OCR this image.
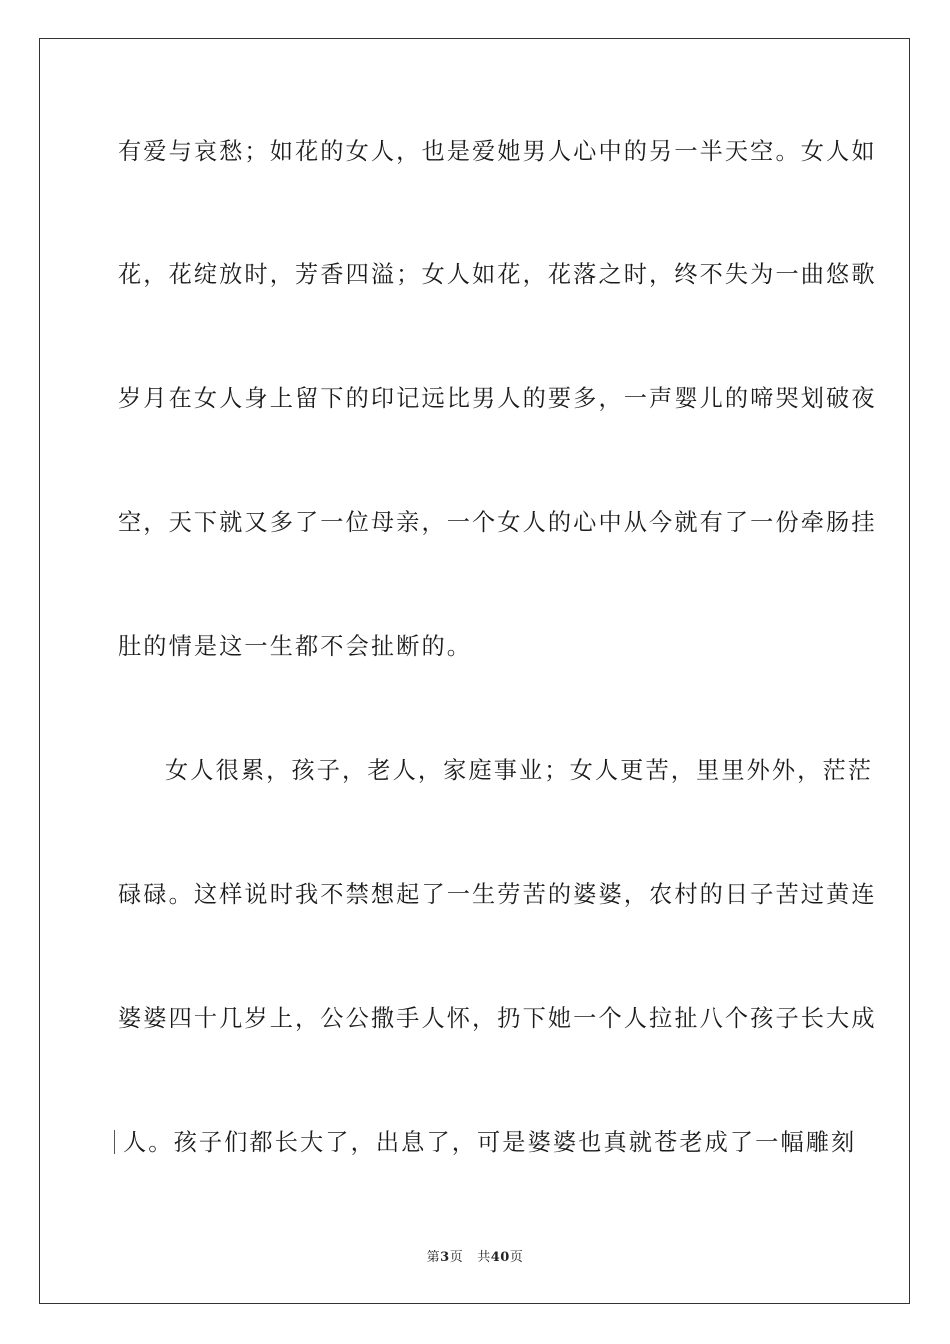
有爱与哀愁；如花的女人，也是爱她男人心中的另一半天空。女人如
花，花绽放时，芳香四溢；女人如花，花落之时，终不失为一曲悠歌
岁月在女人身上留下的印记远比男人的要多，一声婴儿的啼哭划破夜
空，天下就又多了一位母亲，一个女人的心中从今就有了一份牵肠挂
肚的情是这一生都不会扯断的。
女人很累，孩子，老人，家庭事业；女人更苦，里里外外，茫茫
碌碌。这样说时我不禁想起了一生劳苦的婆婆，农村的日子苦过黄连
婆婆四十几岁上，公公撒手人怀，扔下她一个人拉扯八个孩子长大成
人。孩子们都长大了，出息了，可是婆婆也真就苍老成了一幅雕刻
第3页 共40页
